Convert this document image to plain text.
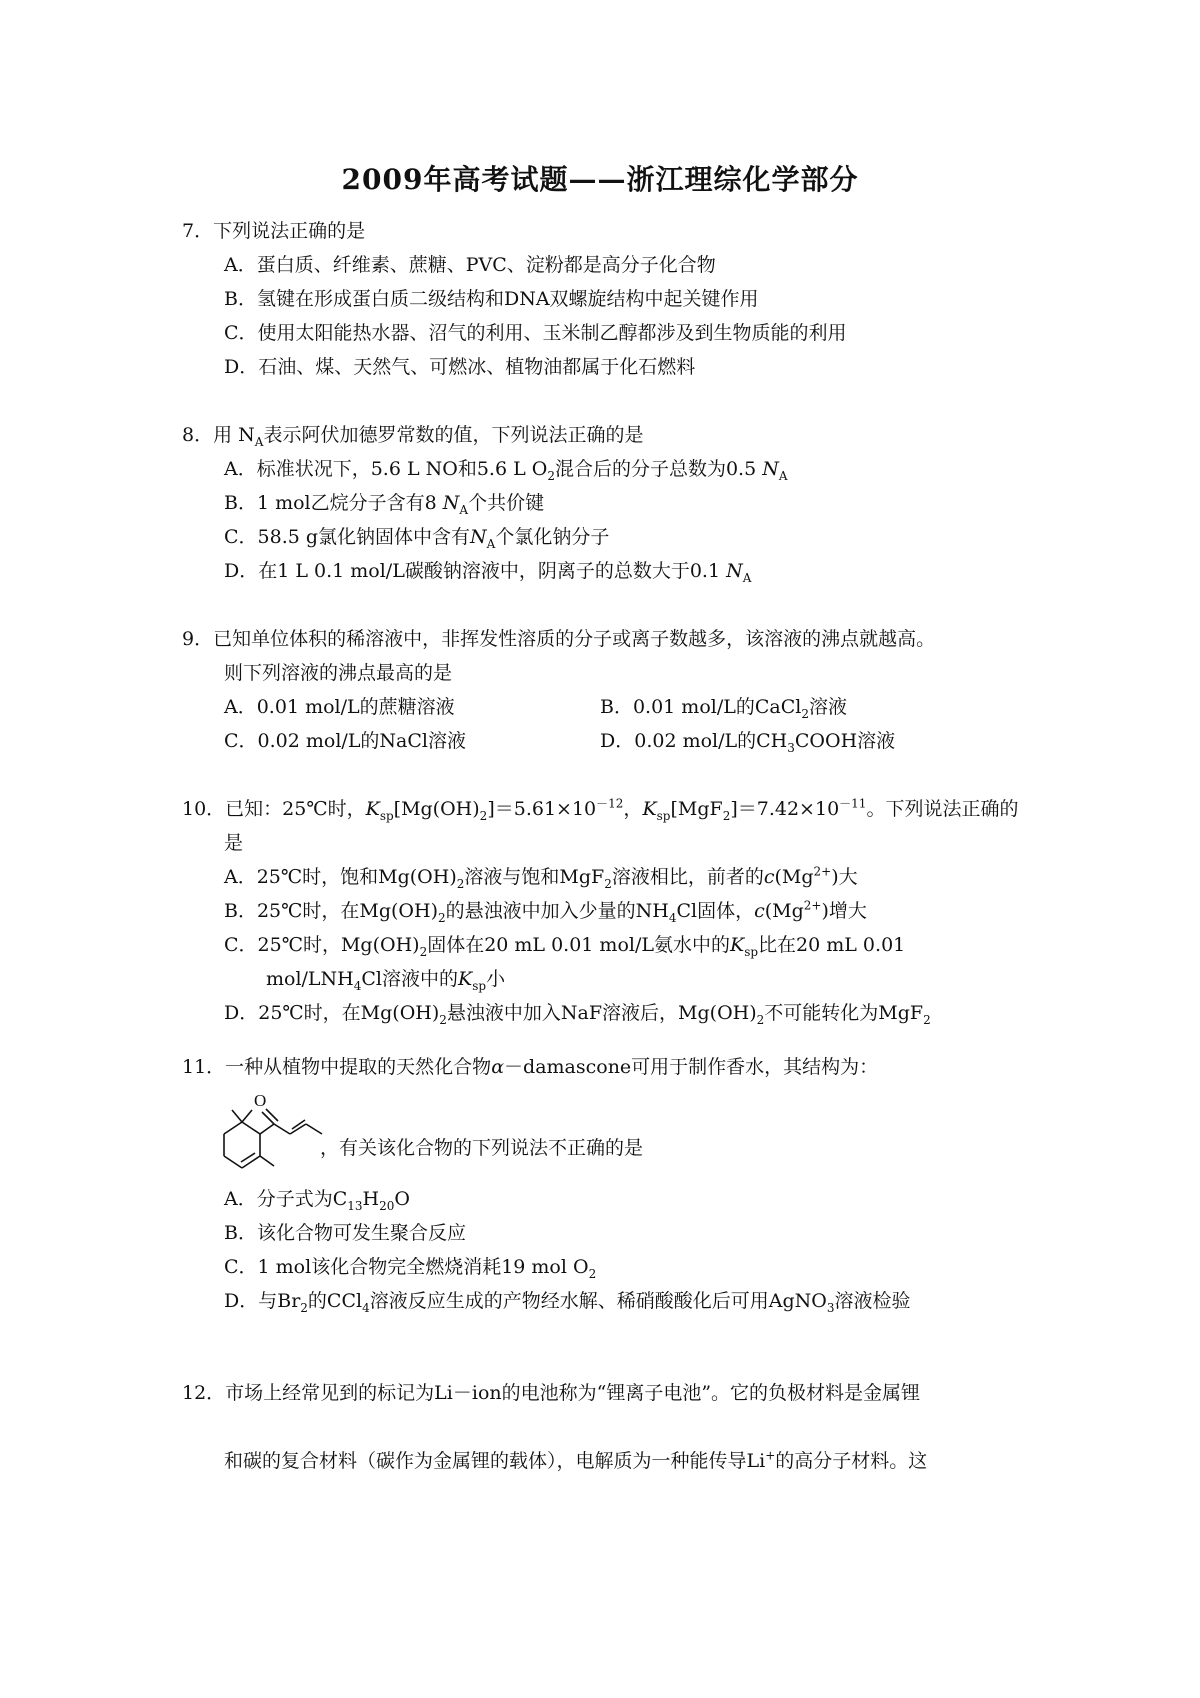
2009年高考试题——浙江理综化学部分
7．下列说法正确的是
A．蛋白质、纤维素、蔗糖、PVC、淀粉都是高分子化合物
B．氢键在形成蛋白质二级结构和DNA双螺旋结构中起关键作用
C．使用太阳能热水器、沼气的利用、玉米制乙醇都涉及到生物质能的利用
D．石油、煤、天然气、可燃冰、植物油都属于化石燃料
8．用 $N_A$表示阿伏加德罗常数的值，下列说法正确的是
A．标准状况下，5.6 L NO和5.6 L $O_2$混合后的分子总数为0.5 $N_A$
B．1 mol乙烷分子含有8 $N_A$个共价键
C．58.5 g氯化钠固体中含有$N_A$个氯化钠分子
D．在1 L 0.1 mol/L碳酸钠溶液中，阴离子的总数大于0.1 $N_A$
9．已知单位体积的稀溶液中，非挥发性溶质的分子或离子数越多，该溶液的沸点就越高。
则下列溶液的沸点最高的是
A．0.01 mol/L的蔗糖溶液	B．0.01 mol/L的CaCl$_2$溶液
C．0.02 mol/L的NaCl溶液	D．0.02 mol/L的$CH_3COOH$溶液
10．已知：25℃时，$K_{sp}[Mg(OH)_2]=5.61\times 10^{-12}$，$K_{sp}[MgF_2]=7.42\times 10^{-11}$。下列说法正确的
是
A．25℃时，饱和$Mg(OH)_2$溶液与饱和MgF$_2$溶液相比，前者的$c(Mg^{2+})$大
B．25℃时，在$Mg(OH)_2$的悬浊液中加入少量的$NH_4Cl$固体，$c(Mg^{2+})$增大
C．25℃时，$Mg(OH)_2$固体在20 mL 0.01 mol/L氨水中的$K_{sp}$比在20 mL 0.01
mol/$LNH_4Cl$溶液中的$K_{sp}$小
D．25℃时，在$Mg(OH)_2$悬浊液中加入NaF溶液后，$Mg(OH)_2$不可能转化为MgF$_2$
11．一种从植物中提取的天然化合物α－damascone可用于制作香水，其结构为：
O
，有关该化合物的下列说法不正确的是
A．分子式为$C_{13}H_{20}O$
B．该化合物可发生聚合反应
C．1 mol该化合物完全燃烧消耗19 mol $O_2$
D．与$Br_2$的CCl$_4$溶液反应生成的产物经水解、稀硝酸酸化后可用AgNO$_3$溶液检验
12．市场上经常见到的标记为Li－ion的电池称为“锂离子电池”。它的负极材料是金属锂
和碳的复合材料（碳作为金属锂的载体），电解质为一种能传导Li+的高分子材料。这
